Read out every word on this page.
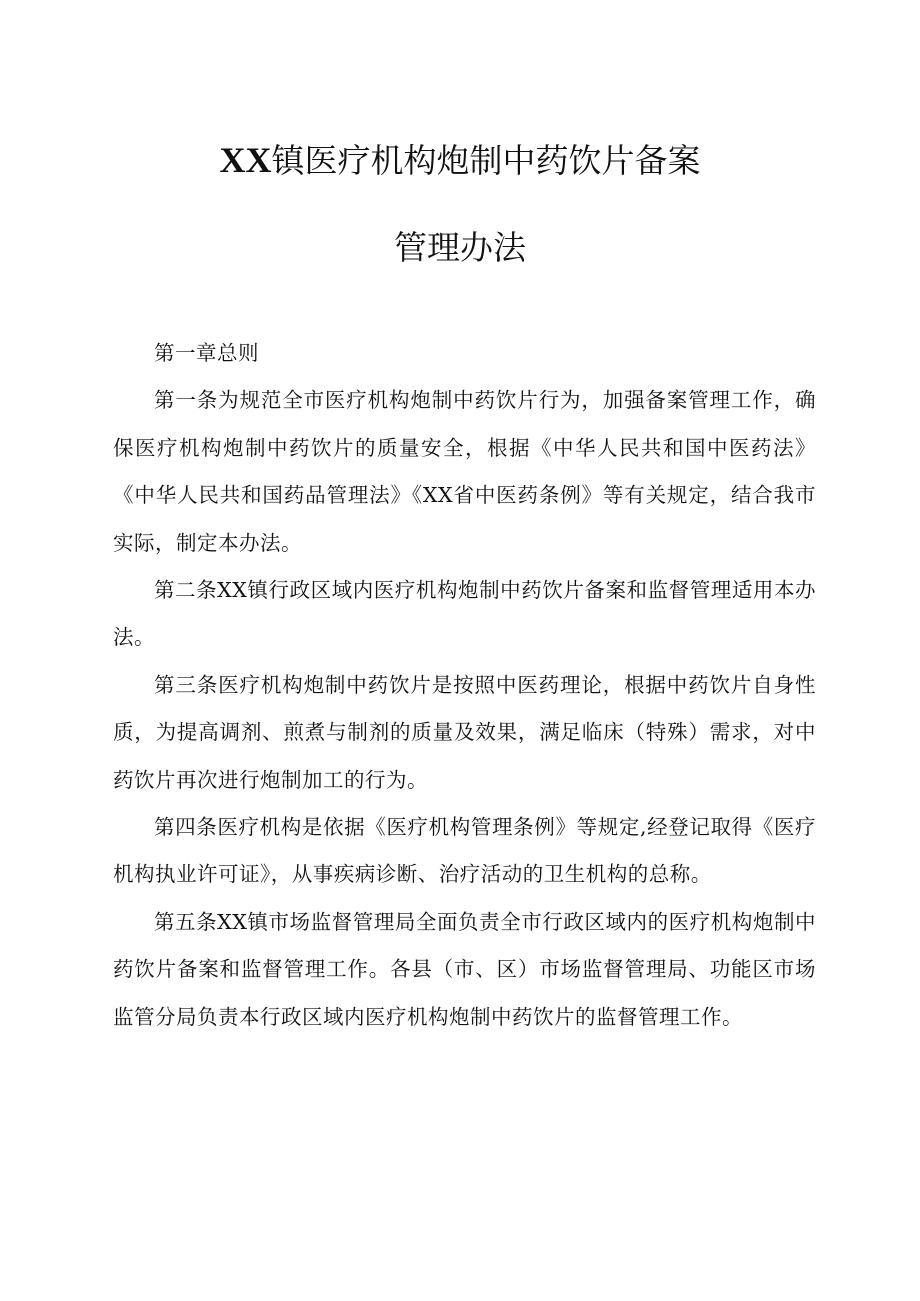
XX镇医疗机构炮制中药饮片备案
管理办法

第一章总则

第一条为规范全市医疗机构炮制中药饮片行为，加强备案管理工作，确保医疗机构炮制中药饮片的质量安全，根据《中华人民共和国中医药法》《中华人民共和国药品管理法》《XX省中医药条例》等有关规定，结合我市实际，制定本办法。

第二条XX镇行政区域内医疗机构炮制中药饮片备案和监督管理适用本办法。

第三条医疗机构炮制中药饮片是按照中医药理论，根据中药饮片自身性质，为提高调剂、煎煮与制剂的质量及效果，满足临床（特殊）需求，对中药饮片再次进行炮制加工的行为。

第四条医疗机构是依据《医疗机构管理条例》等规定,经登记取得《医疗机构执业许可证》，从事疾病诊断、治疗活动的卫生机构的总称。

第五条XX镇市场监督管理局全面负责全市行政区域内的医疗机构炮制中药饮片备案和监督管理工作。各县（市、区）市场监督管理局、功能区市场监管分局负责本行政区域内医疗机构炮制中药饮片的监督管理工作。
